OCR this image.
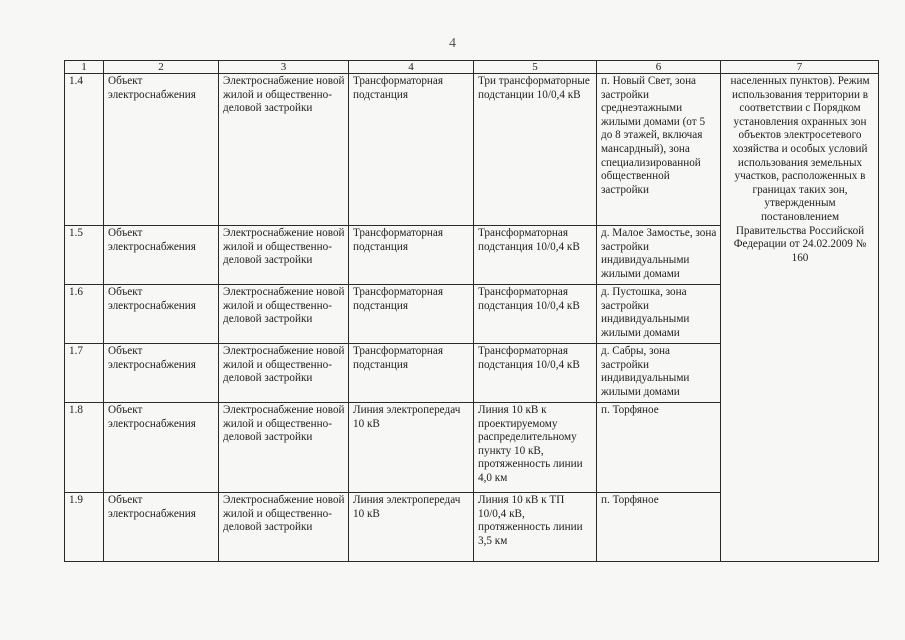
4
1	2	3	4	5	6	7
1.4	Объект электроснабжения	Электроснабжение новой жилой и общественно-деловой застройки	Трансформаторная подстанция	Три трансформаторные подстанции 10/0,4 кВ	п. Новый Свет, зона застройки среднеэтажными жилыми домами (от 5 до 8 этажей, включая мансардный), зона специализированной общественной застройки	населенных пунктов). Режим использования территории в соответствии с Порядком установления охранных зон объектов электросетевого хозяйства и особых условий использования земельных участков, расположенных в границах таких зон, утвержденным постановлением Правительства Российской Федерации от 24.02.2009 № 160
1.5	Объект электроснабжения	Электроснабжение новой жилой и общественно-деловой застройки	Трансформаторная подстанция	Трансформаторная подстанция 10/0,4 кВ	д. Малое Замостье, зона застройки индивидуальными жилыми домами	
1.6	Объект электроснабжения	Электроснабжение новой жилой и общественно-деловой застройки	Трансформаторная подстанция	Трансформаторная подстанция 10/0,4 кВ	д. Пустошка, зона застройки индивидуальными жилыми домами	
1.7	Объект электроснабжения	Электроснабжение новой жилой и общественно-деловой застройки	Трансформаторная подстанция	Трансформаторная подстанция 10/0,4 кВ	д. Сабры, зона застройки индивидуальными жилыми домами	
1.8	Объект электроснабжения	Электроснабжение новой жилой и общественно-деловой застройки	Линия электропередач 10 кВ	Линия 10 кВ к проектируемому распределительному пункту 10 кВ, протяженность линии 4,0 км	п. Торфяное	
1.9	Объект электроснабжения	Электроснабжение новой жилой и общественно-деловой застройки	Линия электропередач 10 кВ	Линия 10 кВ к ТП 10/0,4 кВ, протяженность линии 3,5 км	п. Торфяное	
